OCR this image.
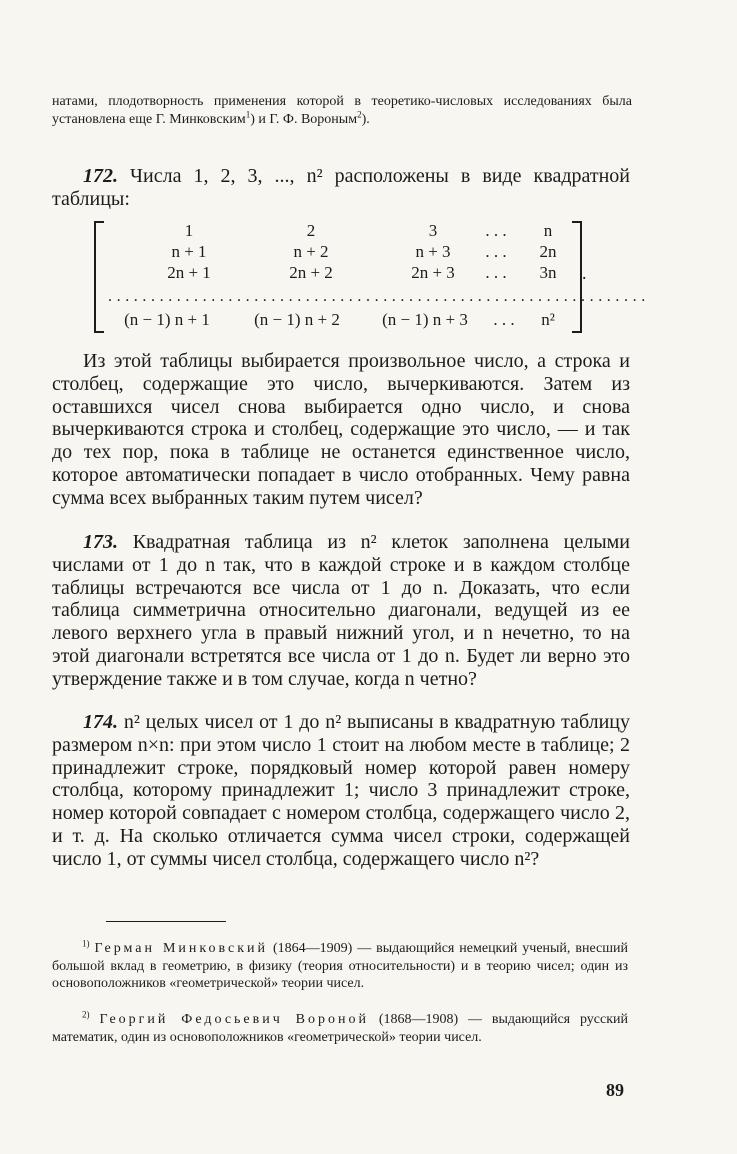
натами, плодотворность применения которой в теоретико-числовых исследованиях была установлена еще Г. Минковским$^1$) и Г. Ф. Вороным$^2$).
172. Числа 1, 2, 3, ..., n² расположены в виде квадратной таблицы:
1	2	3	. . .	n
n + 1	n + 2	n + 3	. . .	2n
2n + 1	2n + 2	2n + 3	. . .	3n
...............................................................
(n − 1) n + 1	(n − 1) n + 2	(n − 1) n + 3	. . .	n²
.
Из этой таблицы выбирается произвольное число, а строка и столбец, содержащие это число, вычеркиваются. Затем из оставшихся чисел снова выбирается одно число, и снова вычеркиваются строка и столбец, содержащие это число, — и так до тех пор, пока в таблице не останется единственное число, которое автоматически попадает в число отобранных. Чему равна сумма всех выбранных таким путем чисел?
173. Квадратная таблица из n² клеток заполнена целыми числами от 1 до n так, что в каждой строке и в каждом столбце таблицы встречаются все числа от 1 до n. Доказать, что если таблица симметрична относительно диагонали, ведущей из ее левого верхнего угла в правый нижний угол, и n нечетно, то на этой диагонали встретятся все числа от 1 до n. Будет ли верно это утверждение также и в том случае, когда n четно?
174. n² целых чисел от 1 до n² выписаны в квадратную таблицу размером n×n: при этом число 1 стоит на любом месте в таблице; 2 принадлежит строке, порядковый номер которой равен номеру столбца, которому принадлежит 1; число 3 принадлежит строке, номер которой совпадает с номером столбца, содержащего число 2, и т. д. На сколько отличается сумма чисел строки, содержащей число 1, от суммы чисел столбца, содержащего число n²?
$^{1)}$ Герман Минковский (1864—1909) — выдающийся немецкий ученый, внесший большой вклад в геометрию, в физику (теория относительности) и в теорию чисел; один из основоположников «геометрической» теории чисел.
$^{2)}$ Георгий Федосьевич Вороной (1868—1908) — выдающийся русский математик, один из основоположников «геометрической» теории чисел.
89
